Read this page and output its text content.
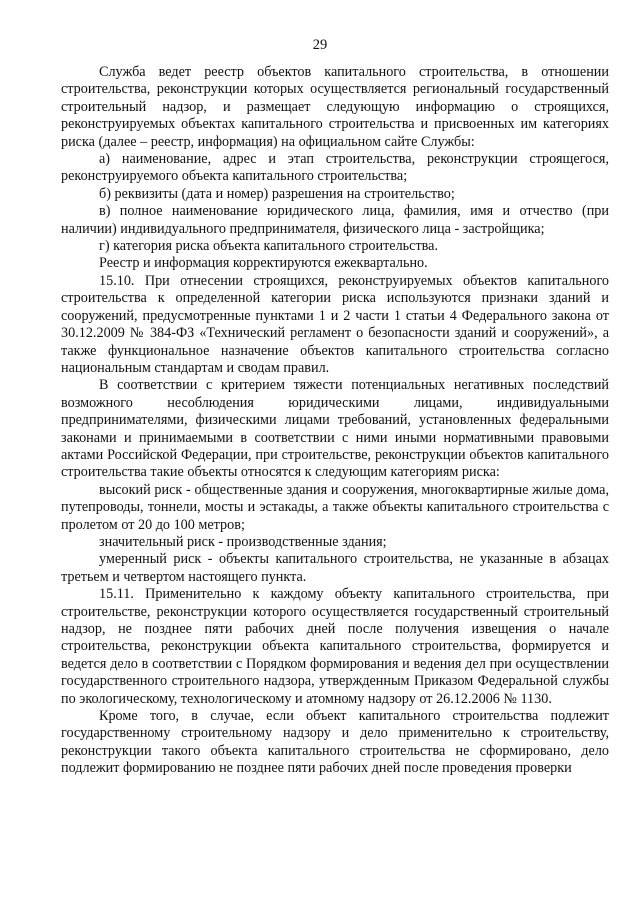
29

Служба ведет реестр объектов капитального строительства, в отношении строительства, реконструкции которых осуществляется региональный государственный строительный надзор, и размещает следующую информацию о строящихся, реконструируемых объектах капитального строительства и присвоенных им категориях риска (далее – реестр, информация) на официальном сайте Службы:

а) наименование, адрес и этап строительства, реконструкции строящегося, реконструируемого объекта капитального строительства;

б) реквизиты (дата и номер) разрешения на строительство;

в) полное наименование юридического лица, фамилия, имя и отчество (при наличии) индивидуального предпринимателя, физического лица - застройщика;

г) категория риска объекта капитального строительства.

Реестр и информация корректируются ежеквартально.

15.10. При отнесении строящихся, реконструируемых объектов капитального строительства к определенной категории риска используются признаки зданий и сооружений, предусмотренные пунктами 1 и 2 части 1 статьи 4 Федерального закона от 30.12.2009 № 384-ФЗ «Технический регламент о безопасности зданий и сооружений», а также функциональное назначение объектов капитального строительства согласно национальным стандартам и сводам правил.

В соответствии с критерием тяжести потенциальных негативных последствий возможного несоблюдения юридическими лицами, индивидуальными предпринимателями, физическими лицами требований, установленных федеральными законами и принимаемыми в соответствии с ними иными нормативными правовыми актами Российской Федерации, при строительстве, реконструкции объектов капитального строительства такие объекты относятся к следующим категориям риска:

высокий риск - общественные здания и сооружения, многоквартирные жилые дома, путепроводы, тоннели, мосты и эстакады, а также объекты капитального строительства с пролетом от 20 до 100 метров;

значительный риск - производственные здания;

умеренный риск - объекты капитального строительства, не указанные в абзацах третьем и четвертом настоящего пункта.

15.11. Применительно к каждому объекту капитального строительства, при строительстве, реконструкции которого осуществляется государственный строительный надзор, не позднее пяти рабочих дней после получения извещения о начале строительства, реконструкции объекта капитального строительства, формируется и ведется дело в соответствии с Порядком формирования и ведения дел при осуществлении государственного строительного надзора, утвержденным Приказом Федеральной службы по экологическому, технологическому и атомному надзору от 26.12.2006 № 1130.

Кроме того, в случае, если объект капитального строительства подлежит государственному строительному надзору и дело применительно к строительству, реконструкции такого объекта капитального строительства не сформировано, дело подлежит формированию не позднее пяти рабочих дней после проведения проверки
